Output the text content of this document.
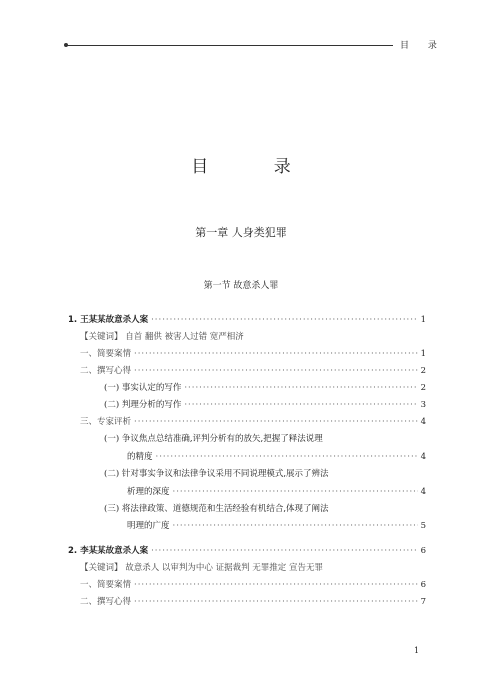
目 录
目 录
第一章 人身类犯罪
第一节 故意杀人罪
1. 王某某故意杀人案 ·····	1
【关键词】 自首 翻供 被害人过错 宽严相济
一、简要案情 ·····	1
二、撰写心得 ·····	2
(一) 事实认定的写作 ·····	2
(二) 判理分析的写作 ·····	3
三、专家评析 ·····	4
(一) 争议焦点总结准确,评判分析有的放矢,把握了释法说理
的精度 ·····	4
(二) 针对事实争议和法律争议采用不同说理模式,展示了辨法
析理的深度 ·····	4
(三) 将法律政策、道德规范和生活经验有机结合,体现了阐法
明理的广度 ·····	5
2. 李某某故意杀人案 ·····	6
【关键词】 故意杀人 以审判为中心 证据裁判 无罪推定 宣告无罪
一、简要案情 ·····	6
二、撰写心得 ·····	7
1
